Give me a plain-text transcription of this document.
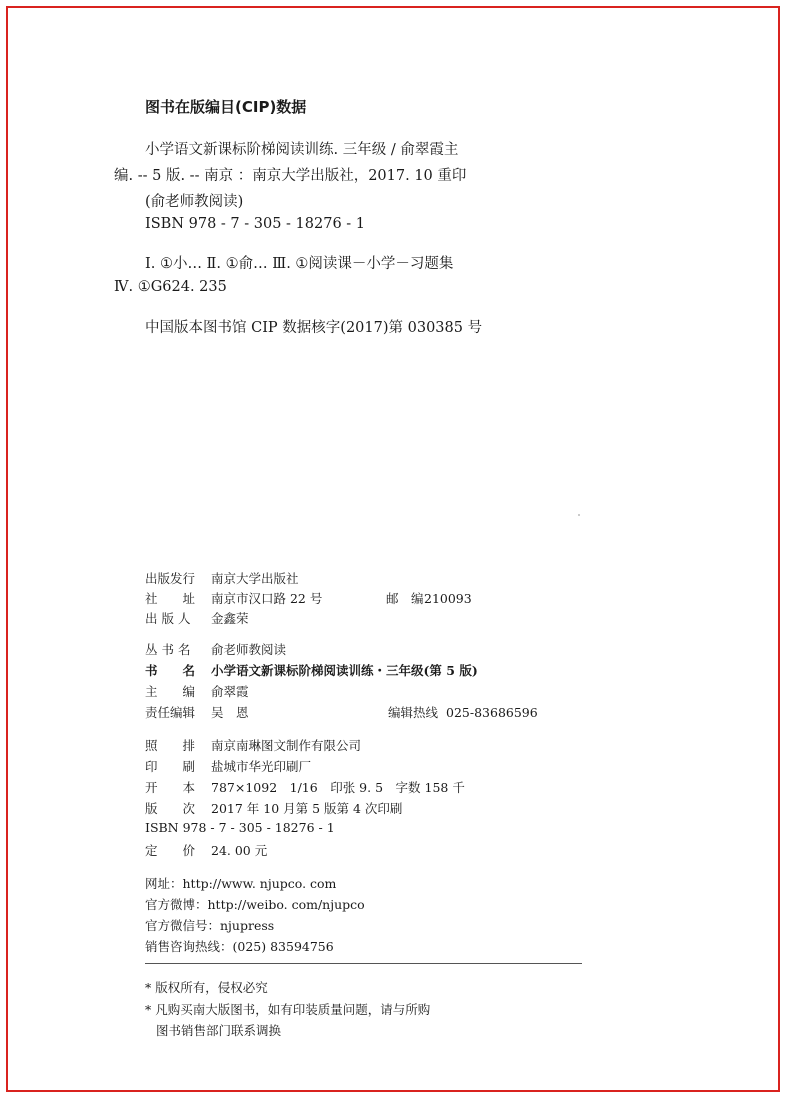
图书在版编目(CIP)数据
小学语文新课标阶梯阅读训练. 三年级 / 俞翠霞主
编. -- 5 版. -- 南京 ：南京大学出版社，2017. 10 重印
(俞老师教阅读)
ISBN 978 - 7 - 305 - 18276 - 1
Ⅰ. ①小… Ⅱ. ①俞… Ⅲ. ①阅读课－小学－习题集
Ⅳ. ①G624. 235
中国版本图书馆 CIP 数据核字(2017)第 030385 号
出版发行 南京大学出版社
社　　址 南京市汉口路 22 号	邮　编210093
出 版 人 金鑫荣
丛 书 名 俞老师教阅读
书　　名 小学语文新课标阶梯阅读训练・三年级(第 5 版)
主　　编 俞翠霞
责任编辑 吴　恩	编辑热线 025-83686596
照　　排 南京南琳图文制作有限公司
印　　刷 盐城市华光印刷厂
开　　本 787×1092　1/16　印张 9. 5　字数 158 千
版　　次 2017 年 10 月第 5 版第 4 次印刷
ISBN 978 - 7 - 305 - 18276 - 1
定　　价 24. 00 元
网址：http://www. njupco. com
官方微博：http://weibo. com/njupco
官方微信号：njupress
销售咨询热线：(025) 83594756
* 版权所有，侵权必究
* 凡购买南大版图书，如有印装质量问题，请与所购
图书销售部门联系调换
